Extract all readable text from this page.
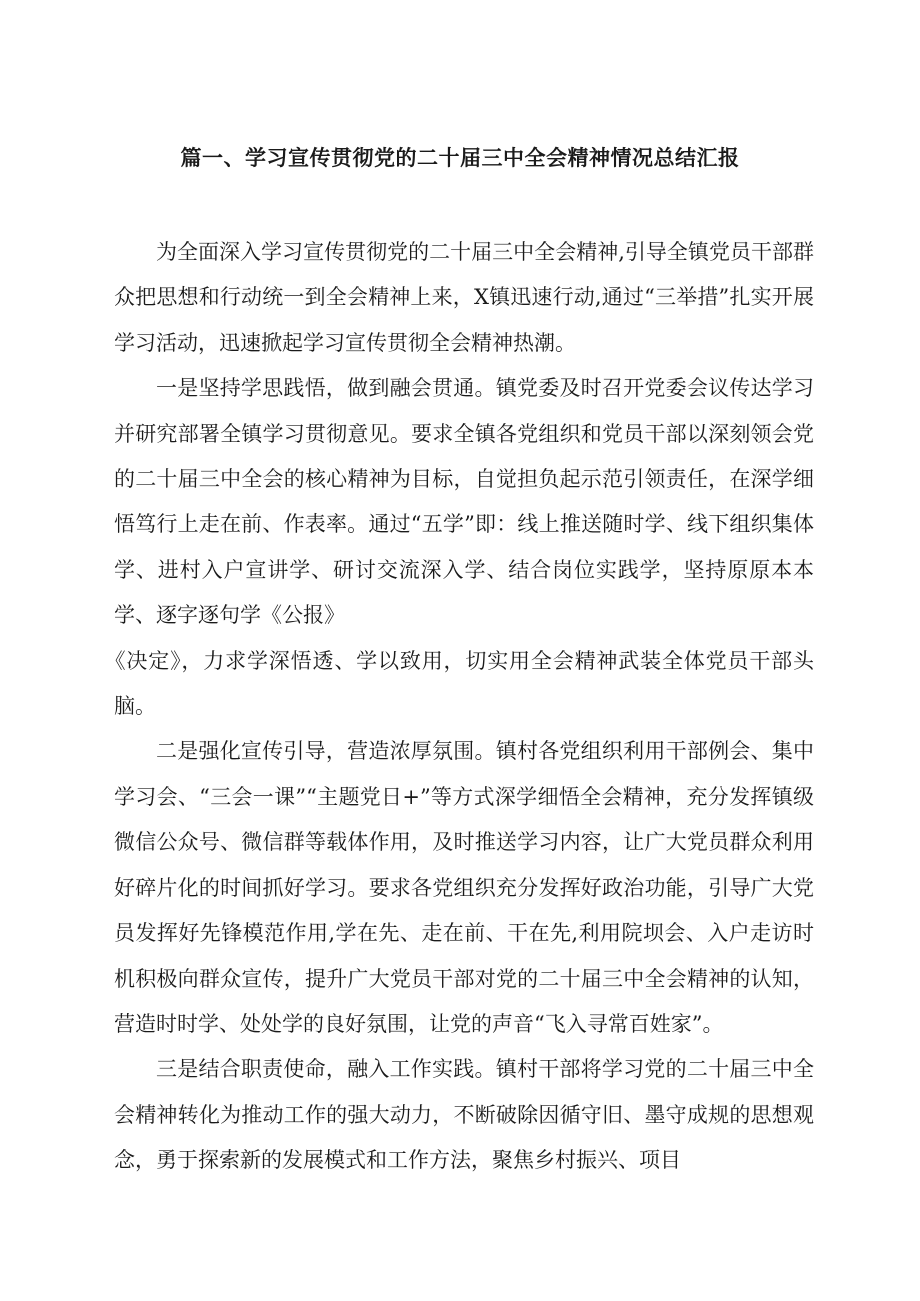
篇一、学习宣传贯彻党的二十届三中全会精神情况总结汇报

为全面深入学习宣传贯彻党的二十届三中全会精神,引导全镇党员干部群众把思想和行动统一到全会精神上来，X镇迅速行动,通过“三举措”扎实开展学习活动，迅速掀起学习宣传贯彻全会精神热潮。

一是坚持学思践悟，做到融会贯通。镇党委及时召开党委会议传达学习并研究部署全镇学习贯彻意见。要求全镇各党组织和党员干部以深刻领会党的二十届三中全会的核心精神为目标，自觉担负起示范引领责任，在深学细悟笃行上走在前、作表率。通过“五学”即：线上推送随时学、线下组织集体学、进村入户宣讲学、研讨交流深入学、结合岗位实践学，坚持原原本本学、逐字逐句学《公报》

《决定》，力求学深悟透、学以致用，切实用全会精神武装全体党员干部头脑。

二是强化宣传引导，营造浓厚氛围。镇村各党组织利用干部例会、集中学习会、“三会一课”“主题党日+”等方式深学细悟全会精神，充分发挥镇级微信公众号、微信群等载体作用，及时推送学习内容，让广大党员群众利用好碎片化的时间抓好学习。要求各党组织充分发挥好政治功能，引导广大党员发挥好先锋模范作用,学在先、走在前、干在先,利用院坝会、入户走访时机积极向群众宣传，提升广大党员干部对党的二十届三中全会精神的认知，营造时时学、处处学的良好氛围，让党的声音“飞入寻常百姓家”。

三是结合职责使命，融入工作实践。镇村干部将学习党的二十届三中全会精神转化为推动工作的强大动力，不断破除因循守旧、墨守成规的思想观念，勇于探索新的发展模式和工作方法，聚焦乡村振兴、项目
